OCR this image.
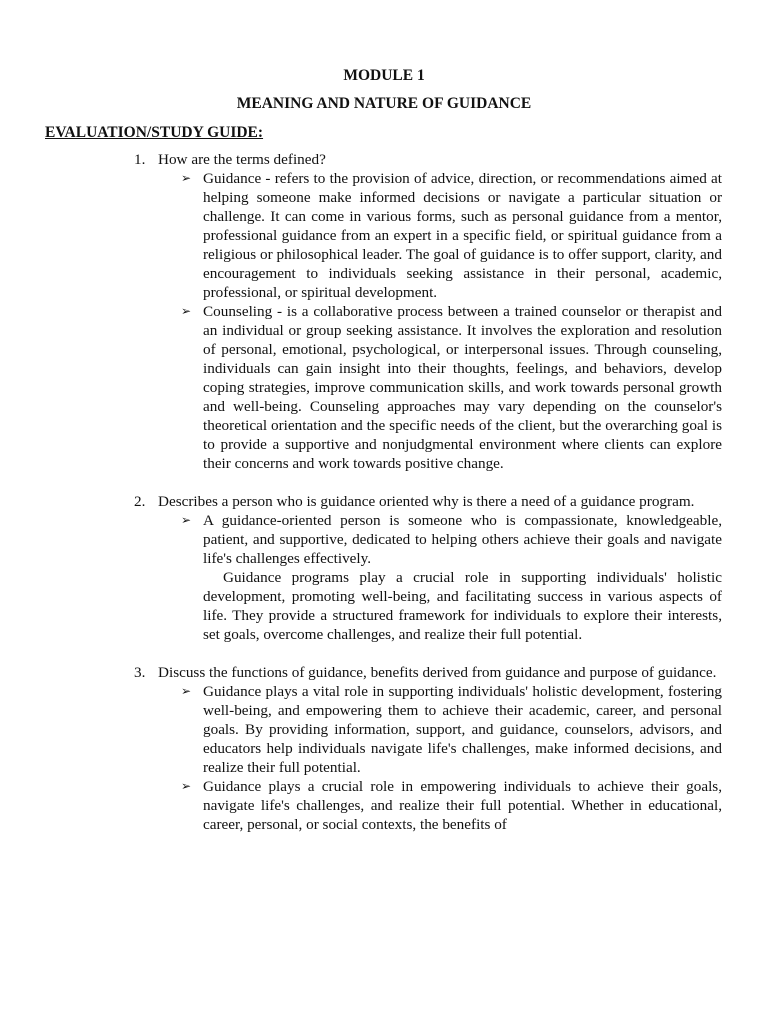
MODULE 1
MEANING AND NATURE OF GUIDANCE
EVALUATION/STUDY GUIDE:
1. How are the terms defined?
➢ Guidance - refers to the provision of advice, direction, or recommendations aimed at helping someone make informed decisions or navigate a particular situation or challenge. It can come in various forms, such as personal guidance from a mentor, professional guidance from an expert in a specific field, or spiritual guidance from a religious or philosophical leader. The goal of guidance is to offer support, clarity, and encouragement to individuals seeking assistance in their personal, academic, professional, or spiritual development.
➢ Counseling - is a collaborative process between a trained counselor or therapist and an individual or group seeking assistance. It involves the exploration and resolution of personal, emotional, psychological, or interpersonal issues. Through counseling, individuals can gain insight into their thoughts, feelings, and behaviors, develop coping strategies, improve communication skills, and work towards personal growth and well-being. Counseling approaches may vary depending on the counselor's theoretical orientation and the specific needs of the client, but the overarching goal is to provide a supportive and nonjudgmental environment where clients can explore their concerns and work towards positive change.
2. Describes a person who is guidance oriented why is there a need of a guidance program.
➢ A guidance-oriented person is someone who is compassionate, knowledgeable, patient, and supportive, dedicated to helping others achieve their goals and navigate life's challenges effectively.
Guidance programs play a crucial role in supporting individuals' holistic development, promoting well-being, and facilitating success in various aspects of life. They provide a structured framework for individuals to explore their interests, set goals, overcome challenges, and realize their full potential.
3. Discuss the functions of guidance, benefits derived from guidance and purpose of guidance.
➢ Guidance plays a vital role in supporting individuals' holistic development, fostering well-being, and empowering them to achieve their academic, career, and personal goals. By providing information, support, and guidance, counselors, advisors, and educators help individuals navigate life's challenges, make informed decisions, and realize their full potential.
➢ Guidance plays a crucial role in empowering individuals to achieve their goals, navigate life's challenges, and realize their full potential. Whether in educational, career, personal, or social contexts, the benefits of
